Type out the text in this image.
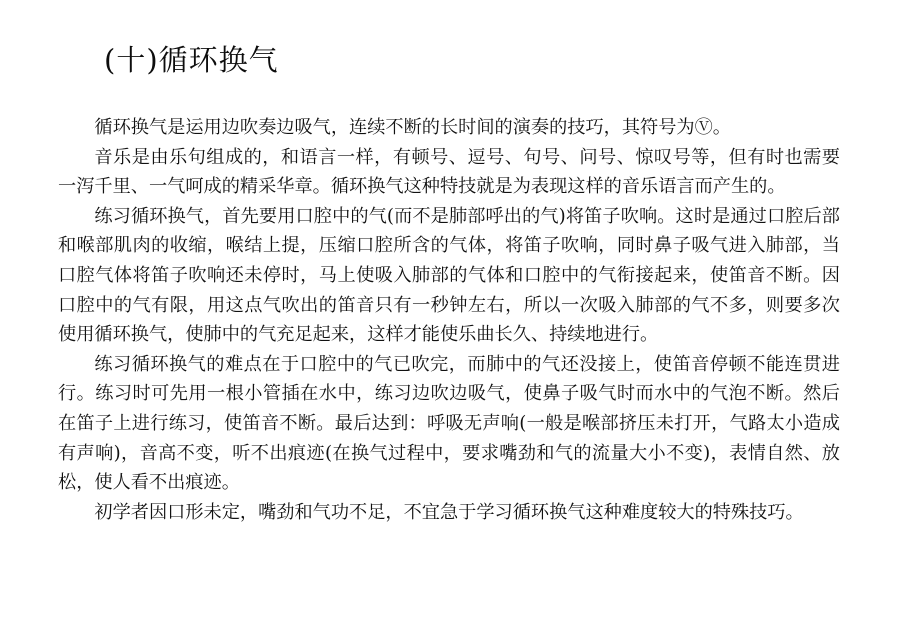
(十)循环换气

循环换气是运用边吹奏边吸气，连续不断的长时间的演奏的技巧，其符号为Ⓥ。

音乐是由乐句组成的，和语言一样，有顿号、逗号、句号、问号、惊叹号等，但有时也需要一泻千里、一气呵成的精采华章。循环换气这种特技就是为表现这样的音乐语言而产生的。

练习循环换气，首先要用口腔中的气(而不是肺部呼出的气)将笛子吹响。这时是通过口腔后部和喉部肌肉的收缩，喉结上提，压缩口腔所含的气体，将笛子吹响，同时鼻子吸气进入肺部，当口腔气体将笛子吹响还未停时，马上使吸入肺部的气体和口腔中的气衔接起来，使笛音不断。因口腔中的气有限，用这点气吹出的笛音只有一秒钟左右，所以一次吸入肺部的气不多，则要多次使用循环换气，使肺中的气充足起来，这样才能使乐曲长久、持续地进行。

练习循环换气的难点在于口腔中的气已吹完，而肺中的气还没接上，使笛音停顿不能连贯进行。练习时可先用一根小管插在水中，练习边吹边吸气，使鼻子吸气时而水中的气泡不断。然后在笛子上进行练习，使笛音不断。最后达到：呼吸无声响(一般是喉部挤压未打开，气路太小造成有声响)，音高不变，听不出痕迹(在换气过程中，要求嘴劲和气的流量大小不变)，表情自然、放松，使人看不出痕迹。

初学者因口形未定，嘴劲和气功不足，不宜急于学习循环换气这种难度较大的特殊技巧。
